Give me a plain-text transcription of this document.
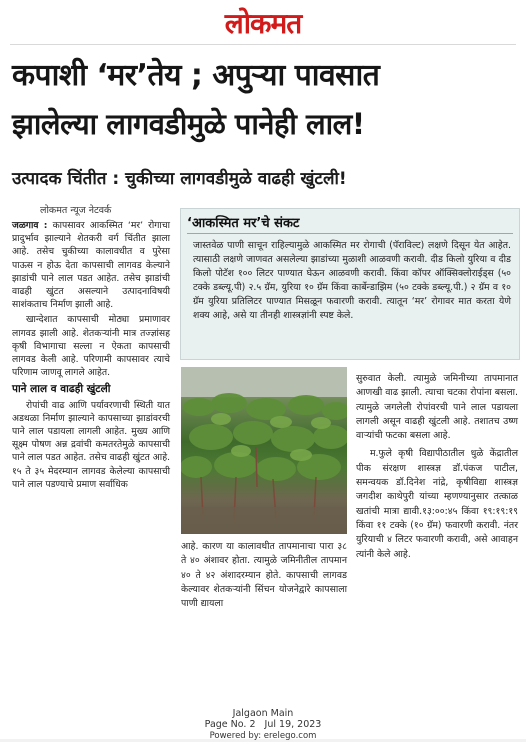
लोकमत
कपाशी ‘मर’तेय ; अपुऱ्या पावसात
झालेल्या लागवडीमुळे पानेही लाल!
उत्पादक चिंतीत : चुकीच्या लागवडीमुळे वाढही खुंटली!
लोकमत न्यूज नेटवर्क

जळगाव : कापसावर आकस्मित ‘मर’ रोगाचा प्रादुर्भाव झाल्याने शेतकरी वर्ग चिंतीत झाला आहे. तसेच चुकीच्या कालावधीत व पुरेसा पाऊस न होऊ देता कापसाची लागवड केल्याने झाडांची पाने लाल पडत आहेत. तसेच झाडांची वाढही खुंटत असल्याने उत्पादनाविषयी साशंकताच निर्माण झाली आहे.

खान्देशात कापसाची मोठ्या प्रमाणावर लागवड झाली आहे. शेतकऱ्यांनी मात्र तज्ज्ञांसह कृषी विभागाचा सल्ला न ऐकता कापसाची लागवड केली आहे. परिणामी कापसावर त्याचे परिणाम जाणवू लागले आहेत.

पाने लाल व वाढही खुंटली

रोपांची वाढ आणि पर्यावरणाची स्थिती यात अडथळा निर्माण झाल्याने कापसाच्या झाडांवरची पाने लाल पडायला लागली आहेत. मुख्य आणि सूक्ष्म पोषण अन्न द्रवांची कमतरतेमुळे कापसाची पाने लाल पडत आहेत. तसेच वाढही खुंटत आहे. १५ ते ३५ मेदरम्यान लागवड केलेल्या कापसाची पाने लाल पडण्याचे प्रमाण सर्वाधिक

‘आकस्मित मर’चे संकट
जास्तवेळ पाणी साचून राहिल्यामुळे आकस्मित मर रोगाची (पॅराविल्ट) लक्षणे दिसून येत आहेत. त्यासाठी लक्षणे जाणवत असलेल्या झाडांच्या मुळाशी आळवणी करावी. दीड किलो युरिया व दीड किलो पोटॅश १०० लिटर पाण्यात घेऊन आळवणी करावी. किंवा कॉपर ऑक्सिक्लोराईड्स (५० टक्के डब्ल्यू.पी) २.५ ग्रॅम, युरिया १० ग्रॅम किंवा कार्बेन्डाझिम (५० टक्के डब्ल्यू.पी.) २ ग्रॅम व १० ग्रॅम युरिया प्रतिलिटर पाण्यात मिसळून फवारणी करावी. त्यातून ‘मर’ रोगावर मात करता येणे शक्य आहे, असे या तीनही शास्त्रज्ञांनी स्पष्ट केले.
आहे. कारण या कालावधीत तापमानाचा पारा ३८ ते ४० अंशावर होता. त्यामुळे जमिनीतील तापमान ४० ते ४२ अंशादरम्यान होते. कापसाची लागवड केल्यावर शेतकऱ्यांनी सिंचन योजनेद्वारे कापसाला पाणी द्यायला

सुरुवात केली. त्यामुळे जमिनीच्या तापमानात आणखी वाढ झाली. त्याचा चटका रोपांना बसला. त्यामुळे जगलेली रोपांवरची पाने लाल पडायला लागली असून वाढही खुंटली आहे. तशातच उष्ण वाऱ्यांची फटका बसला आहे.

म.फुले कृषी विद्यापीठातील धुळे केंद्रातील पीक संरक्षण शास्त्रज्ञ डॉ.पंकज पाटील, समन्वयक डॉ.दिनेश नांद्रे, कृषीविद्या शास्त्रज्ञ जगदीश काथेपुरी यांच्या म्हणण्यानुसार तत्काळ खतांची मात्रा द्यावी.१३:००:४५ किंवा १९:१९:१९ किंवा ११ टक्के (१० ग्रॅम) फवारणी करावी. नंतर युरियाची ४ लिटर फवारणी करावी, असे आवाहन त्यांनी केले आहे.

Jalgaon Main
Page No. 2   Jul 19, 2023
Powered by: erelego.com
